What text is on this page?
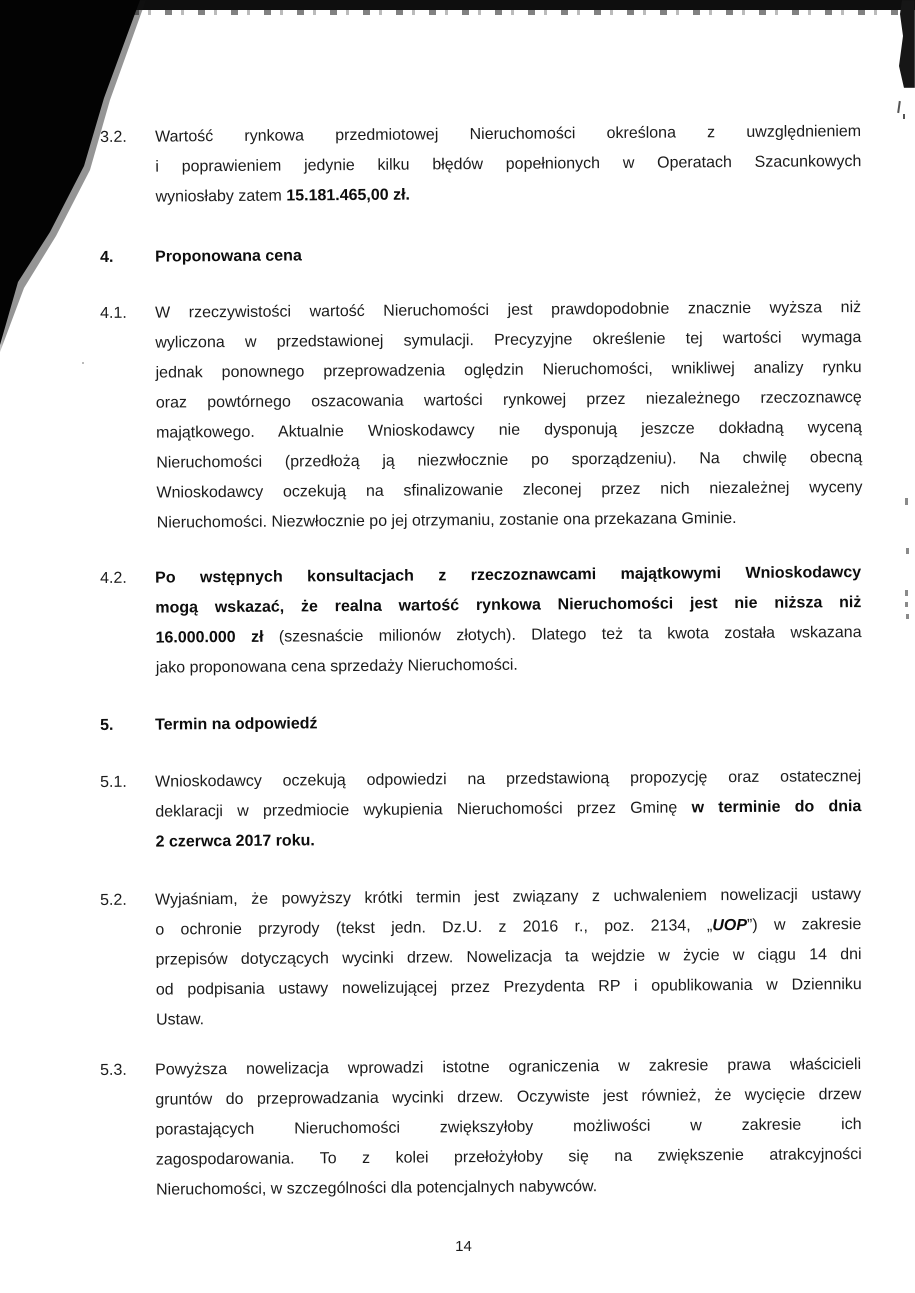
3.2. Wartość rynkowa przedmiotowej Nieruchomości określona z uwzględnieniem
i poprawieniem jedynie kilku błędów popełnionych w Operatach Szacunkowych
wyniosłaby zatem 15.181.465,00 zł.
4.	Proponowana cena
4.1. W rzeczywistości wartość Nieruchomości jest prawdopodobnie znacznie wyższa niż
wyliczona w przedstawionej symulacji. Precyzyjne określenie tej wartości wymaga
jednak ponownego przeprowadzenia oględzin Nieruchomości, wnikliwej analizy rynku
oraz powtórnego oszacowania wartości rynkowej przez niezależnego rzeczoznawcę
majątkowego. Aktualnie Wnioskodawcy nie dysponują jeszcze dokładną wyceną
Nieruchomości (przedłożą ją niezwłocznie po sporządzeniu). Na chwilę obecną
Wnioskodawcy oczekują na sfinalizowanie zleconej przez nich niezależnej wyceny
Nieruchomości. Niezwłocznie po jej otrzymaniu, zostanie ona przekazana Gminie.
4.2. Po wstępnych konsultacjach z rzeczoznawcami majątkowymi Wnioskodawcy
mogą wskazać, że realna wartość rynkowa Nieruchomości jest nie niższa niż
16.000.000 zł (szesnaście milionów złotych). Dlatego też ta kwota została wskazana
jako proponowana cena sprzedaży Nieruchomości.
5.	Termin na odpowiedź
5.1. Wnioskodawcy oczekują odpowiedzi na przedstawioną propozycję oraz ostatecznej
deklaracji w przedmiocie wykupienia Nieruchomości przez Gminę w terminie do dnia
2 czerwca 2017 roku.
5.2. Wyjaśniam, że powyższy krótki termin jest związany z uchwaleniem nowelizacji ustawy
o ochronie przyrody (tekst jedn. Dz.U. z 2016 r., poz. 2134, „UOP”) w zakresie
przepisów dotyczących wycinki drzew. Nowelizacja ta wejdzie w życie w ciągu 14 dni
od podpisania ustawy nowelizującej przez Prezydenta RP i opublikowania w Dzienniku
Ustaw.
5.3. Powyższa nowelizacja wprowadzi istotne ograniczenia w zakresie prawa właścicieli
gruntów do przeprowadzania wycinki drzew. Oczywiste jest również, że wycięcie drzew
porastających Nieruchomości zwiększyłoby możliwości w zakresie ich
zagospodarowania. To z kolei przełożyłoby się na zwiększenie atrakcyjności
Nieruchomości, w szczególności dla potencjalnych nabywców.
14
